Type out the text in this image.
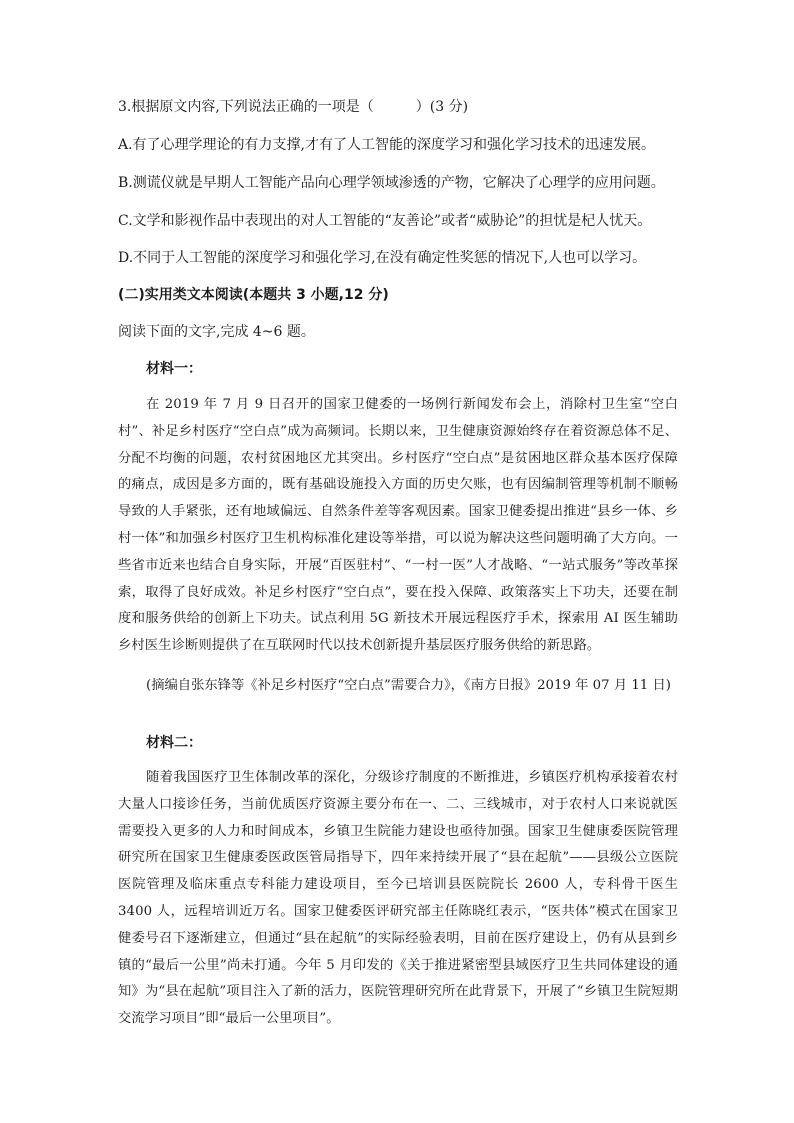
3.根据原文内容,下列说法正确的一项是（　　　）(3 分)
A.有了心理学理论的有力支撑,才有了人工智能的深度学习和强化学习技术的迅速发展。
B.测谎仪就是早期人工智能产品向心理学领域渗透的产物，它解决了心理学的应用问题。
C.文学和影视作品中表现出的对人工智能的“友善论”或者“威胁论”的担忧是杞人忧天。
D.不同于人工智能的深度学习和强化学习,在没有确定性奖惩的情况下,人也可以学习。
(二)实用类文本阅读(本题共 3 小题,12 分)
阅读下面的文字,完成 4~6 题。
材料一：
在 2019 年 7 月 9 日召开的国家卫健委的一场例行新闻发布会上，消除村卫生室“空白村”、补足乡村医疗“空白点”成为高频词。长期以来，卫生健康资源始终存在着资源总体不足、分配不均衡的问题，农村贫困地区尤其突出。乡村医疗“空白点”是贫困地区群众基本医疗保障的痛点，成因是多方面的，既有基础设施投入方面的历史欠账，也有因编制管理等机制不顺畅导致的人手紧张，还有地域偏远、自然条件差等客观因素。国家卫健委提出推进“县乡一体、乡村一体”和加强乡村医疗卫生机构标准化建设等举措，可以说为解决这些问题明确了大方向。一些省市近来也结合自身实际，开展“百医驻村”、“一村一医”人才战略、“一站式服务”等改革探索，取得了良好成效。补足乡村医疗“空白点”，要在投入保障、政策落实上下功夫，还要在制度和服务供给的创新上下功夫。试点利用 5G 新技术开展远程医疗手术，探索用 AI 医生辅助乡村医生诊断则提供了在互联网时代以技术创新提升基层医疗服务供给的新思路。
(摘编自张东锋等《补足乡村医疗“空白点”需要合力》，《南方日报》2019 年 07 月 11 日)
材料二：
随着我国医疗卫生体制改革的深化，分级诊疗制度的不断推进，乡镇医疗机构承接着农村大量人口接诊任务，当前优质医疗资源主要分布在一、二、三线城市，对于农村人口来说就医需要投入更多的人力和时间成本，乡镇卫生院能力建设也亟待加强。国家卫生健康委医院管理研究所在国家卫生健康委医政医管局指导下，四年来持续开展了“县在起航”——县级公立医院医院管理及临床重点专科能力建设项目，至今已培训县医院院长 2600 人，专科骨干医生 3400 人，远程培训近万名。国家卫健委医评研究部主任陈晓红表示，“医共体”模式在国家卫健委号召下逐渐建立，但通过“县在起航”的实际经验表明，目前在医疗建设上，仍有从县到乡镇的“最后一公里”尚未打通。今年 5 月印发的《关于推进紧密型县域医疗卫生共同体建设的通知》为“县在起航”项目注入了新的活力，医院管理研究所在此背景下，开展了“乡镇卫生院短期交流学习项目”即“最后一公里项目”。
